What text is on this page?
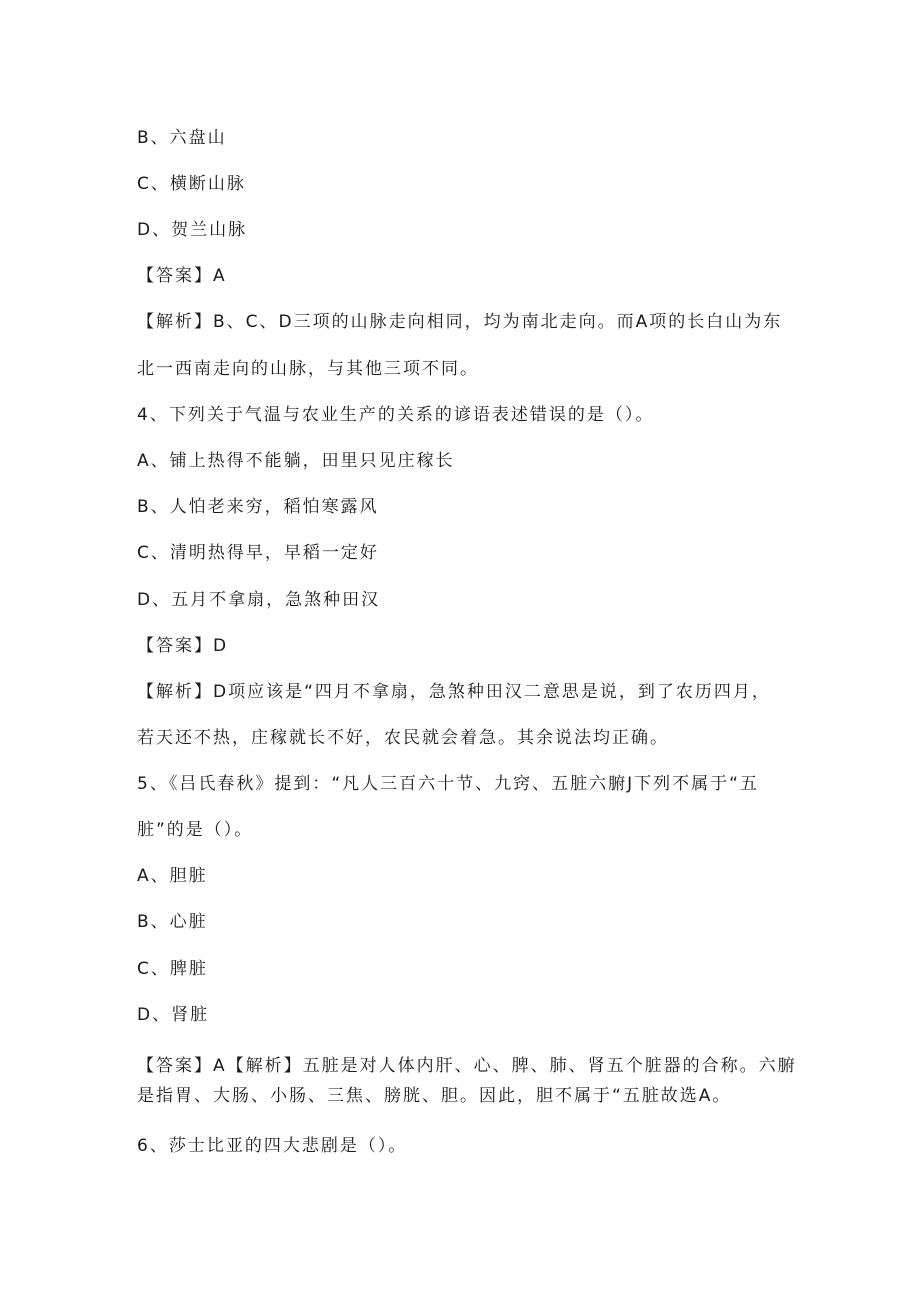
B、六盘山
C、横断山脉
D、贺兰山脉
【答案】A
【解析】B、C、D三项的山脉走向相同，均为南北走向。而A项的长白山为东
北一西南走向的山脉，与其他三项不同。
4、下列关于气温与农业生产的关系的谚语表述错误的是（）。
A、铺上热得不能躺，田里只见庄稼长
B、人怕老来穷，稻怕寒露风
C、清明热得早，早稻一定好
D、五月不拿扇，急煞种田汉
【答案】D
【解析】D项应该是“四月不拿扇，急煞种田汉二意思是说，到了农历四月，
若天还不热，庄稼就长不好，农民就会着急。其余说法均正确。
5、《吕氏春秋》提到：“凡人三百六十节、九窍、五脏六腑J下列不属于“五
脏”的是（）。
A、胆脏
B、心脏
C、脾脏
D、肾脏
【答案】A【解析】五脏是对人体内肝、心、脾、肺、肾五个脏器的合称。六腑
是指胃、大肠、小肠、三焦、膀胱、胆。因此，胆不属于“五脏故选A。
6、莎士比亚的四大悲剧是（）。
